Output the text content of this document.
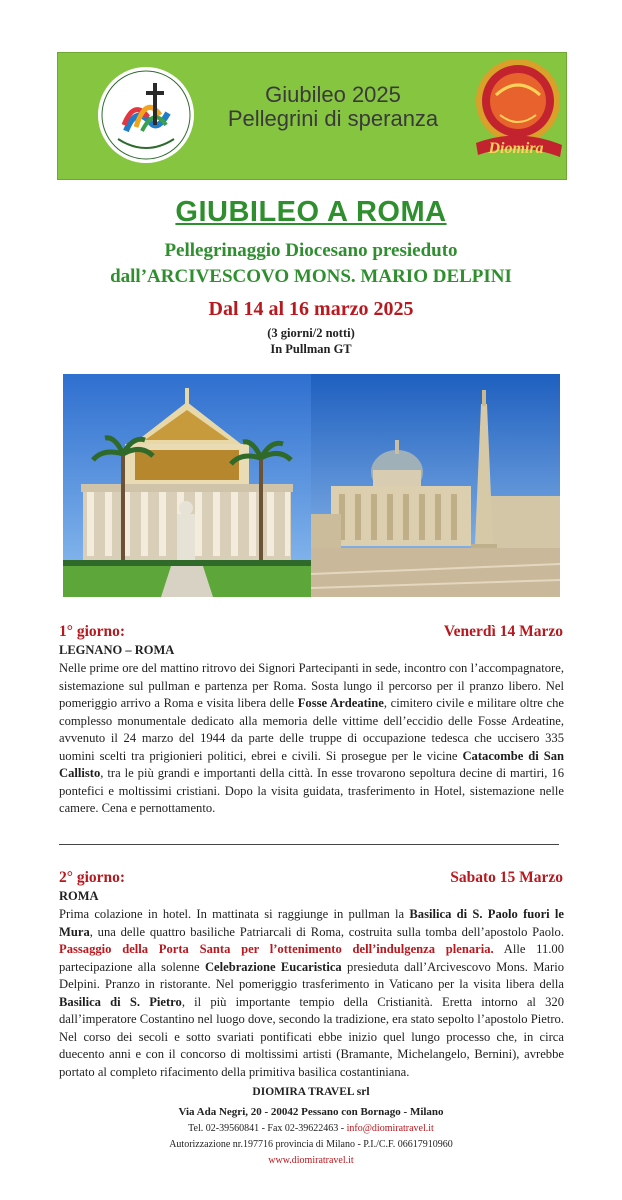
Giubileo 2025
Pellegrini di speranza
Diomira
GIUBILEO A ROMA
Pellegrinaggio Diocesano presieduto
dall’ARCIVESCOVO MONS. MARIO DELPINI
Dal 14 al 16 marzo 2025
(3 giorni/2 notti)
In Pullman GT
1° giorno:	Venerdì 14 Marzo
LEGNANO – ROMA
Nelle prime ore del mattino ritrovo dei Signori Partecipanti in sede, incontro con l’accompagnatore, sistemazione sul pullman e partenza per Roma. Sosta lungo il percorso per il pranzo libero. Nel pomeriggio arrivo a Roma e visita libera delle Fosse Ardeatine, cimitero civile e militare oltre che complesso monumentale dedicato alla memoria delle vittime dell’eccidio delle Fosse Ardeatine, avvenuto il 24 marzo del 1944 da parte delle truppe di occupazione tedesca che uccisero 335 uomini scelti tra prigionieri politici, ebrei e civili. Si prosegue per le vicine Catacombe di San Callisto, tra le più grandi e importanti della città. In esse trovarono sepoltura decine di martiri, 16 pontefici e moltissimi cristiani. Dopo la visita guidata, trasferimento in Hotel, sistemazione nelle camere. Cena e pernottamento.
2° giorno:	Sabato 15 Marzo
ROMA
Prima colazione in hotel. In mattinata si raggiunge in pullman la Basilica di S. Paolo fuori le Mura, una delle quattro basiliche Patriarcali di Roma, costruita sulla tomba dell’apostolo Paolo. Passaggio della Porta Santa per l’ottenimento dell’indulgenza plenaria. Alle 11.00 partecipazione alla solenne Celebrazione Eucaristica presieduta dall’Arcivescovo Mons. Mario Delpini. Pranzo in ristorante. Nel pomeriggio trasferimento in Vaticano per la visita libera della Basilica di S. Pietro, il più importante tempio della Cristianità. Eretta intorno al 320 dall’imperatore Costantino nel luogo dove, secondo la tradizione, era stato sepolto l’apostolo Pietro. Nel corso dei secoli e sotto svariati pontificati ebbe inizio quel lungo processo che, in circa duecento anni e con il concorso di moltissimi artisti (Bramante, Michelangelo, Bernini), avrebbe portato al completo rifacimento della primitiva basilica costantiniana.
DIOMIRA TRAVEL srl
Via Ada Negri, 20 - 20042 Pessano con Bornago - Milano
Tel. 02-39560841 - Fax 02-39622463 - info@diomiratravel.it
Autorizzazione nr.197716 provincia di Milano - P.I./C.F. 06617910960
www.diomiratravel.it
